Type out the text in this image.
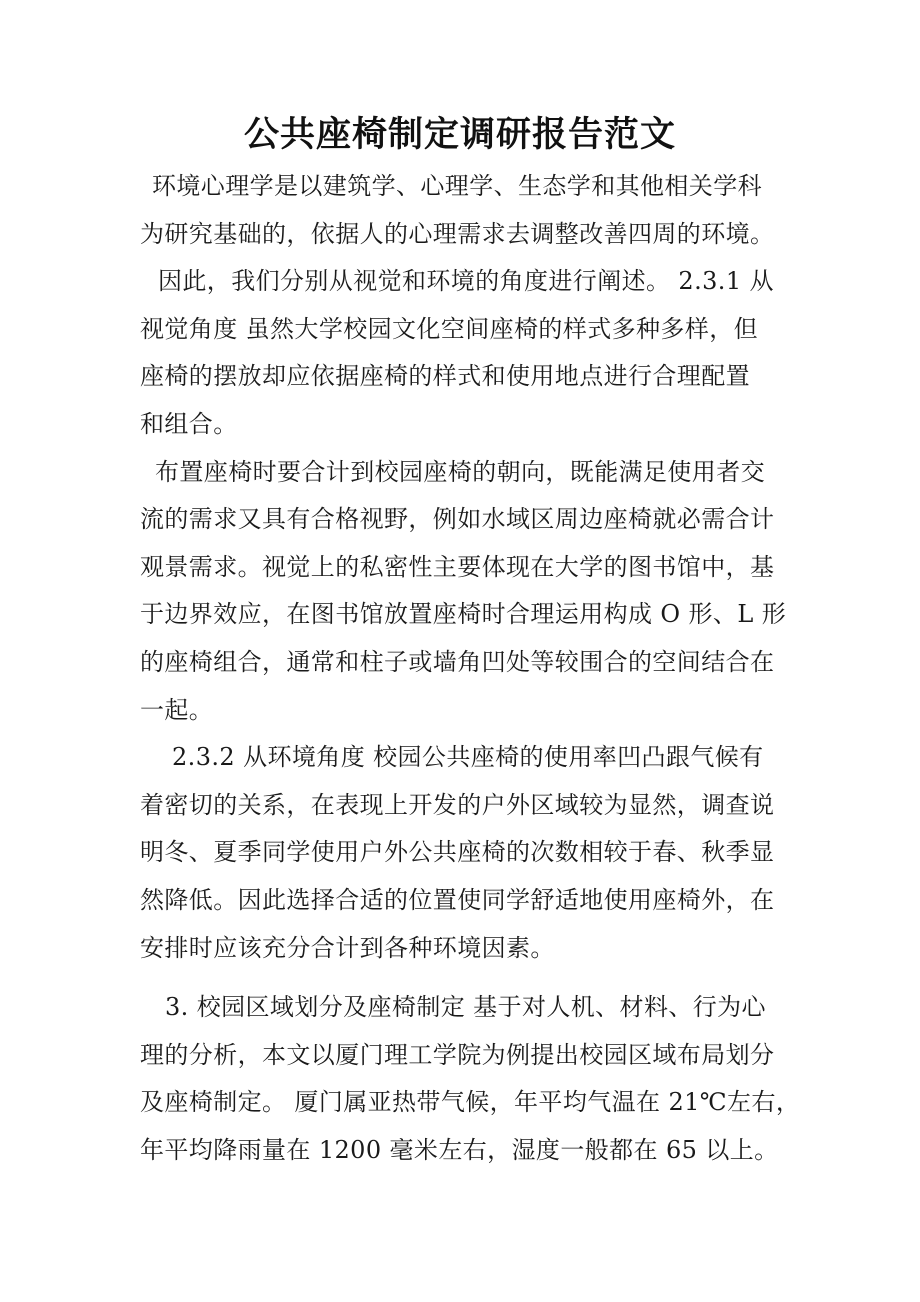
公共座椅制定调研报告范文
环境心理学是以建筑学、心理学、生态学和其他相关学科
为研究基础的，依据人的心理需求去调整改善四周的环境。
因此，我们分别从视觉和环境的角度进行阐述。 2.3.1 从
视觉角度 虽然大学校园文化空间座椅的样式多种多样，但
座椅的摆放却应依据座椅的样式和使用地点进行合理配置
和组合。
布置座椅时要合计到校园座椅的朝向，既能满足使用者交
流的需求又具有合格视野，例如水域区周边座椅就必需合计
观景需求。视觉上的私密性主要体现在大学的图书馆中，基
于边界效应，在图书馆放置座椅时合理运用构成 O 形、L 形
的座椅组合，通常和柱子或墙角凹处等较围合的空间结合在
一起。
2.3.2 从环境角度 校园公共座椅的使用率凹凸跟气候有
着密切的关系，在表现上开发的户外区域较为显然，调查说
明冬、夏季同学使用户外公共座椅的次数相较于春、秋季显
然降低。因此选择合适的位置使同学舒适地使用座椅外，在
安排时应该充分合计到各种环境因素。
3. 校园区域划分及座椅制定 基于对人机、材料、行为心
理的分析，本文以厦门理工学院为例提出校园区域布局划分
及座椅制定。 厦门属亚热带气候，年平均气温在 21℃左右，
年平均降雨量在 1200 毫米左右，湿度一般都在 65 以上。
